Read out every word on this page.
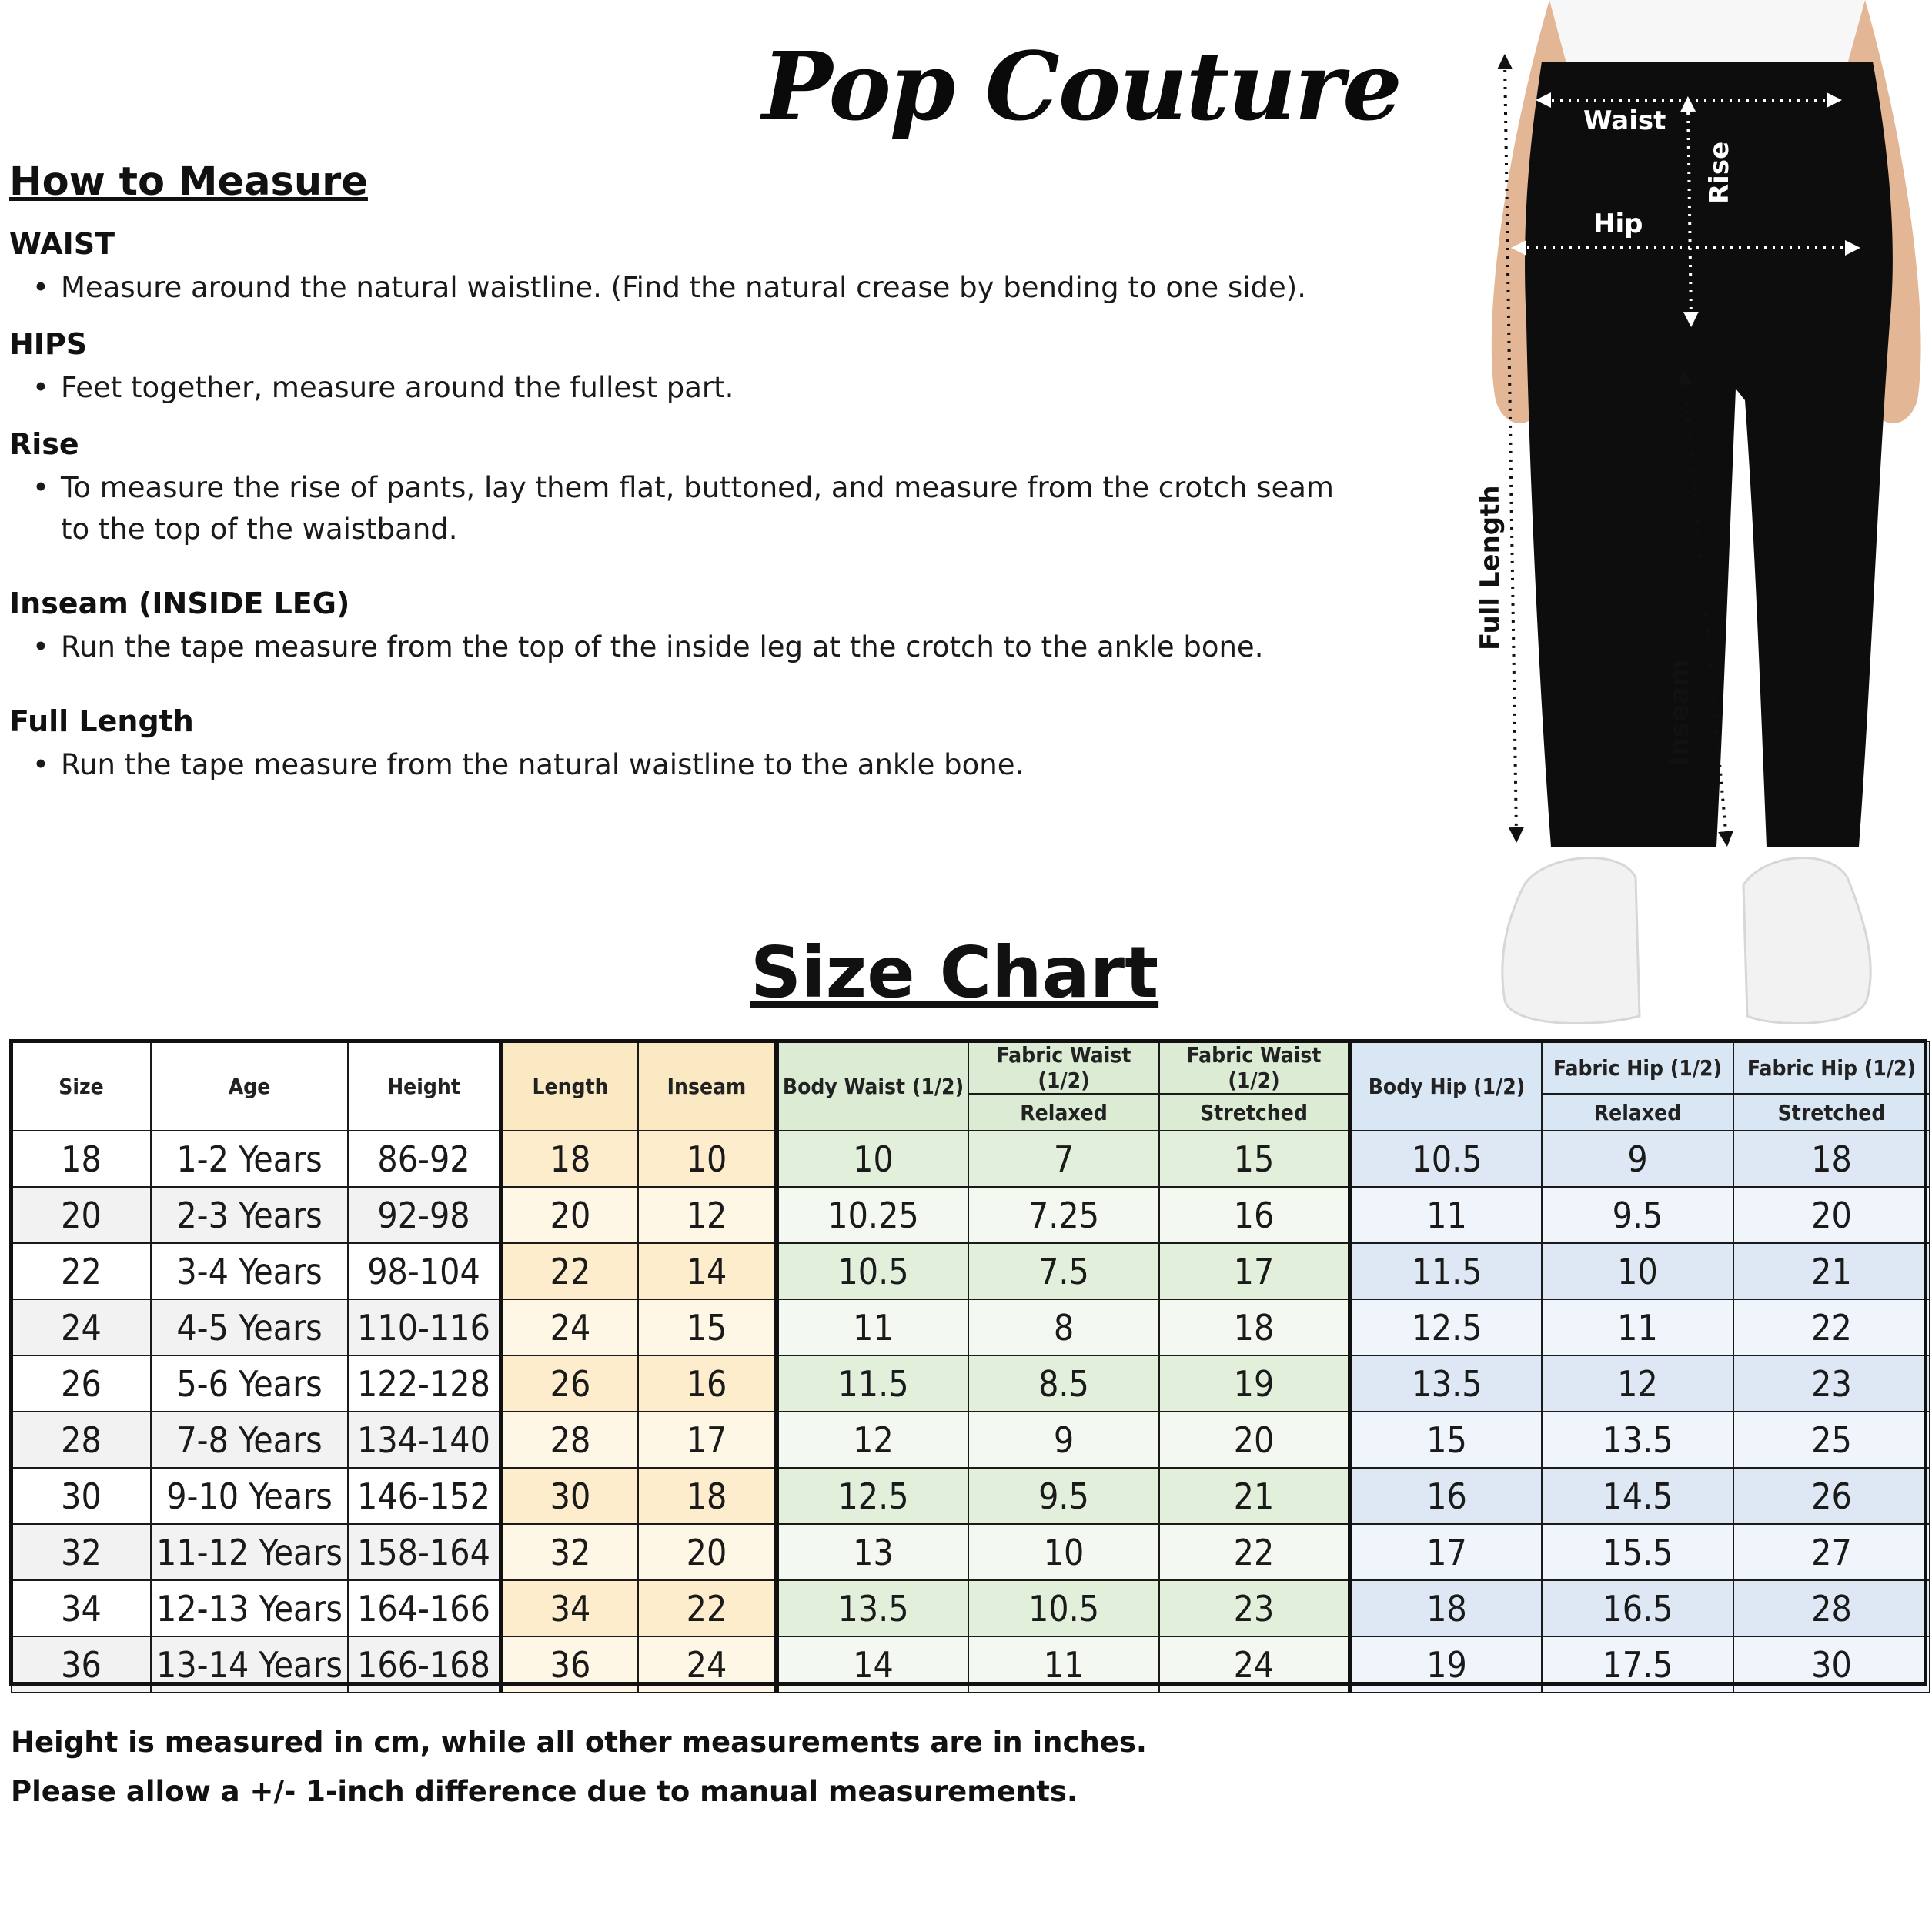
Pop Couture
How to Measure
WAIST
• Measure around the natural waistline. (Find the natural crease by bending to one side).
HIPS
• Feet together, measure around the fullest part.
Rise
• To measure the rise of pants, lay them flat, buttoned, and measure from the crotch seam
to the top of the waistband.
Inseam (INSIDE LEG)
• Run the tape measure from the top of the inside leg at the crotch to the ankle bone.
Full Length
• Run the tape measure from the natural waistline to the ankle bone.
Waist
Hip
Rise
Full Length
Inseam
Size Chart
Size	Age	Height	Length	Inseam	Body Waist (1/2)	Fabric Waist (1/2)	Fabric Waist (1/2)	Body Hip (1/2)	Fabric Hip (1/2)	Fabric Hip (1/2)
						Relaxed	Stretched		Relaxed	Stretched
18	1-2 Years	86-92	18	10	10	7	15	10.5	9	18
20	2-3 Years	92-98	20	12	10.25	7.25	16	11	9.5	20
22	3-4 Years	98-104	22	14	10.5	7.5	17	11.5	10	21
24	4-5 Years	110-116	24	15	11	8	18	12.5	11	22
26	5-6 Years	122-128	26	16	11.5	8.5	19	13.5	12	23
28	7-8 Years	134-140	28	17	12	9	20	15	13.5	25
30	9-10 Years	146-152	30	18	12.5	9.5	21	16	14.5	26
32	11-12 Years	158-164	32	20	13	10	22	17	15.5	27
34	12-13 Years	164-166	34	22	13.5	10.5	23	18	16.5	28
36	13-14 Years	166-168	36	24	14	11	24	19	17.5	30
Height is measured in cm, while all other measurements are in inches.
Please allow a +/- 1-inch difference due to manual measurements.
